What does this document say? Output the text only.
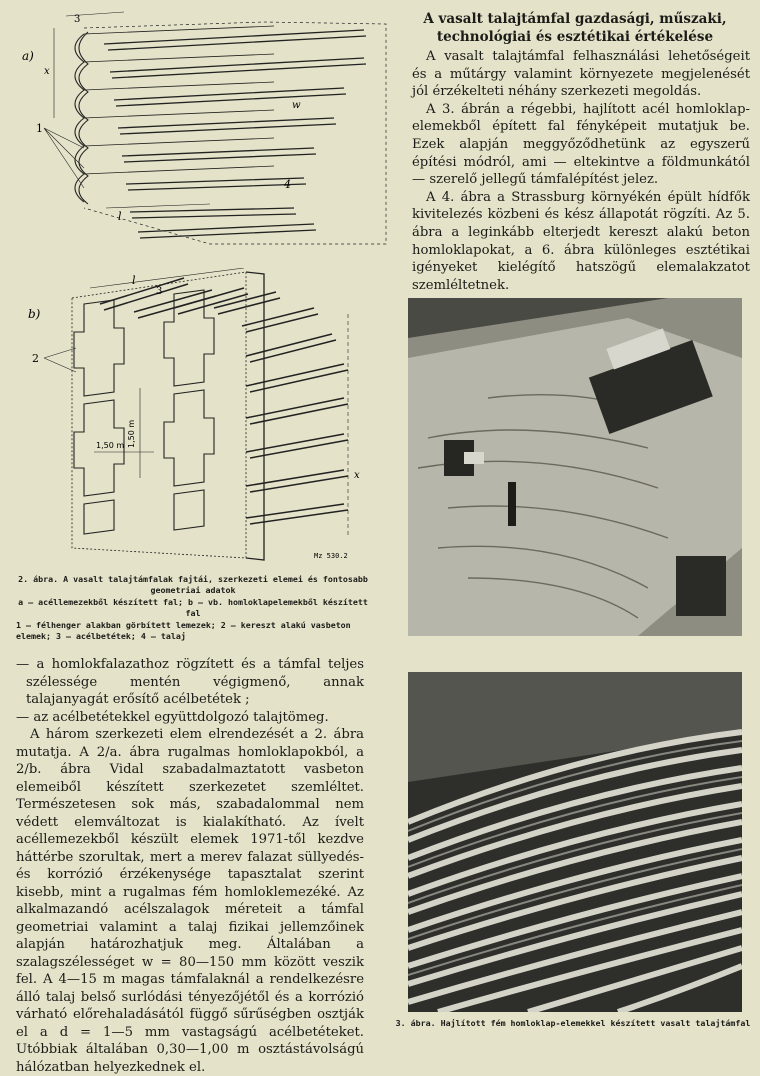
a)
3
x
1
w
4
l
b)
l
3
2
1,50 m
1,50 m
x
Mz 530.2
2. ábra. A vasalt talajtámfalak fajtái, szerkezeti elemei és fontosabb geometriai adatok
a — acéllemezekből készített fal; b — vb. homloklapelemekből készített fal
1 — félhenger alakban görbített lemezek; 2 — kereszt alakú vasbeton elemek; 3 — acélbetétek; 4 — talaj

— a homlokfalazathoz rögzített és a támfal teljes szélessége mentén végigmenő, annak talajanyagát erősítő acélbetétek ;

— az acélbetétekkel együttdolgozó talajtömeg.

A három szerkezeti elem elrendezését a 2. ábra mutatja. A 2/a. ábra rugalmas homloklapokból, a 2/b. ábra Vidal szabadalmaztatott vasbeton elemeiből készített szerkezetet szemléltet. Természetesen sok más, szabadalommal nem védett elemváltozat is kialakítható. Az ívelt acéllemezekből készült elemek 1971-től kezdve háttérbe szorultak, mert a merev falazat süllyedés- és korrózió érzékenysége tapasztalat szerint kisebb, mint a rugalmas fém homloklemezéké. Az alkalmazandó acélszalagok méreteit a támfal geometriai valamint a talaj fizikai jellemzőinek alapján határozhatjuk meg. Általában a szalagszélességet w = 80—150 mm között veszik fel. A 4—15 m magas támfalaknál a rendelkezésre álló talaj belső surlódási tényezőjétől és a korrózió várható előrehaladásától függő sűrűségben osztják el a d = 1—5 mm vastagságú acélbetéteket. Utóbbiak általában 0,30—1,00 m osztástávolságú hálózatban helyezkednek el.

A vasalt talajtámfal gazdasági, műszaki,
technológiai és esztétikai értékelése

A vasalt talajtámfal felhasználási lehetőségeit és a műtárgy valamint környezete megjelenését jól érzékelteti néhány szerkezeti megoldás.

A 3. ábrán a régebbi, hajlított acél homloklap-elemekből épített fal fényképeit mutatjuk be. Ezek alapján meggyőződhetünk az egyszerű építési módról, ami — eltekintve a földmunkától — szerelő jellegű támfalépítést jelez.

A 4. ábra a Strassburg környékén épült hídfők kivitelezés közbeni és kész állapotát rögzíti. Az 5. ábra a leginkább elterjedt kereszt alakú beton homloklapokat, a 6. ábra különleges esztétikai igényeket kielégítő hatszögű elemalakzatot szemléltetnek.

3. ábra. Hajlított fém homloklap-elemekkel készített vasalt talajtámfal
